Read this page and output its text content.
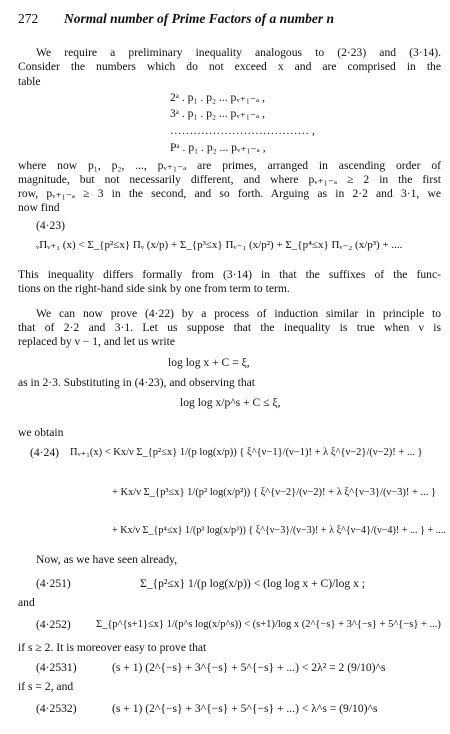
272 Normal number of Prime Factors of a number n
We require a preliminary inequality analogous to (2·23) and (3·14).
Consider the numbers which do not exceed x and are comprised in the
table
2ᵃ . p₁ . p₂ ... pᵥ₊₁₋ₐ ,
3ᵃ . p₁ . p₂ ... pᵥ₊₁₋ₐ ,
……………………………… ,
Pᵃ . p₁ . p₂ ... pᵥ₊₁₋ₐ ,
where now p₁, p₂, ..., pᵥ₊₁₋ₐ are primes, arranged in ascending order of
magnitude, but not necessarily different, and where pᵥ₊₁₋ₐ ≥ 2 in the first
row, pᵥ₊₁₋ₐ ≥ 3 in the second, and so forth. Arguing as in 2·2 and 3·1, we
now find
(4·23)
ᵥΠᵥ₊₁ (x) < Σ_{p²≤x} Πᵥ (x/p) + Σ_{p³≤x} Πᵥ₋₁ (x/p²) + Σ_{p⁴≤x} Πᵥ₋₂ (x/p³) + ....
This inequality differs formally from (3·14) in that the suffixes of the func-
tions on the right-hand side sink by one from term to term.
We can now prove (4·22) by a process of induction similar in principle to
that of 2·2 and 3·1. Let us suppose that the inequality is true when ν is
replaced by ν − 1, and let us write
log log x + C = ξ,
as in 2·3. Substituting in (4·23), and observing that
log log x/p^s + C ≤ ξ,
we obtain
(4·24) Πᵥ₊₁(x) < Kx/ν Σ_{p²≤x} 1/(p log(x/p)) { ξ^{ν−1}/(ν−1)! + λ ξ^{ν−2}/(ν−2)! + ... }
+ Kx/ν Σ_{p³≤x} 1/(p² log(x/p²)) { ξ^{ν−2}/(ν−2)! + λ ξ^{ν−3}/(ν−3)! + ... }
+ Kx/ν Σ_{p⁴≤x} 1/(p³ log(x/p³)) { ξ^{ν−3}/(ν−3)! + λ ξ^{ν−4}/(ν−4)! + ... } + ....
Now, as we have seen already,
(4·251)	Σ_{p²≤x} 1/(p log(x/p)) < (log log x + C)/log x ;
and
(4·252) Σ_{p^{s+1}≤x} 1/(p^s log(x/p^s)) < (s+1)/log x (2^{−s} + 3^{−s} + 5^{−s} + ...)
if s ≥ 2. It is moreover easy to prove that
(4·2531)	(s + 1) (2^{−s} + 3^{−s} + 5^{−s} + ...) < 2λ² = 2 (9/10)^s
if s = 2, and
(4·2532)	(s + 1) (2^{−s} + 3^{−s} + 5^{−s} + ...) < λ^s = (9/10)^s
